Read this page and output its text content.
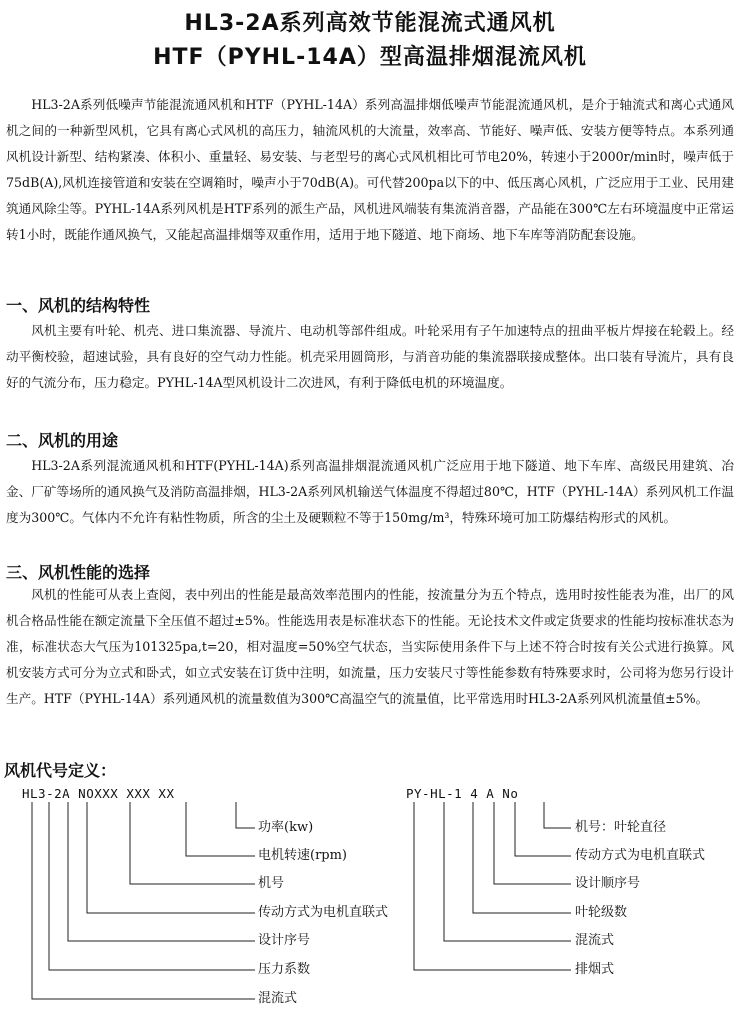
HL3-2A系列高效节能混流式通风机
HTF（PYHL-14A）型高温排烟混流风机

HL3-2A系列低噪声节能混流通风机和HTF（PYHL-14A）系列高温排烟低噪声节能混流通风机，是介于轴流式和离心式通风机之间的一种新型风机，它具有离心式风机的高压力，轴流风机的大流量，效率高、节能好、噪声低、安装方便等特点。本系列通风机设计新型、结构紧凑、体积小、重量轻、易安装、与老型号的离心式风机相比可节电20%，转速小于2000r/min时，噪声低于75dB(A),风机连接管道和安装在空调箱时，噪声小于70dB(A)。可代替200pa以下的中、低压离心风机，广泛应用于工业、民用建筑通风除尘等。PYHL-14A系列风机是HTF系列的派生产品，风机进风端装有集流消音器，产品能在300℃左右环境温度中正常运转1小时，既能作通风换气，又能起高温排烟等双重作用，适用于地下隧道、地下商场、地下车库等消防配套设施。

一、风机的结构特性

风机主要有叶轮、机壳、进口集流器、导流片、电动机等部件组成。叶轮采用有子午加速特点的扭曲平板片焊接在轮毂上。经动平衡校验，超速试验，具有良好的空气动力性能。机壳采用圆筒形，与消音功能的集流器联接成整体。出口装有导流片，具有良好的气流分布，压力稳定。PYHL-14A型风机设计二次进风，有利于降低电机的环境温度。

二、风机的用途

HL3-2A系列混流通风机和HTF(PYHL-14A)系列高温排烟混流通风机广泛应用于地下隧道、地下车库、高级民用建筑、冶金、厂矿等场所的通风换气及消防高温排烟，HL3-2A系列风机输送气体温度不得超过80℃，HTF（PYHL-14A）系列风机工作温度为300℃。气体内不允许有粘性物质，所含的尘土及硬颗粒不等于150mg/m³，特殊环境可加工防爆结构形式的风机。

三、风机性能的选择

风机的性能可从表上查阅，表中列出的性能是最高效率范围内的性能，按流量分为五个特点，选用时按性能表为准，出厂的风机合格品性能在额定流量下全压值不超过±5%。性能选用表是标准状态下的性能。无论技术文件或定货要求的性能均按标准状态为准，标准状态大气压为101325pa,t=20，相对温度=50%空气状态，当实际使用条件下与上述不符合时按有关公式进行换算。风机安装方式可分为立式和卧式，如立式安装在订货中注明，如流量，压力安装尺寸等性能参数有特殊要求时，公司将为您另行设计生产。HTF（PYHL-14A）系列通风机的流量数值为300℃高温空气的流量值，比平常选用时HL3-2A系列风机流量值±5%。

风机代号定义：
HL3-2A NOXXX XXX XX
功率(kw)
电机转速(rpm)
机号
传动方式为电机直联式
设计序号
压力系数
混流式
PY-HL-1 4 A No
机号：叶轮直径
传动方式为电机直联式
设计顺序号
叶轮级数
混流式
排烟式
